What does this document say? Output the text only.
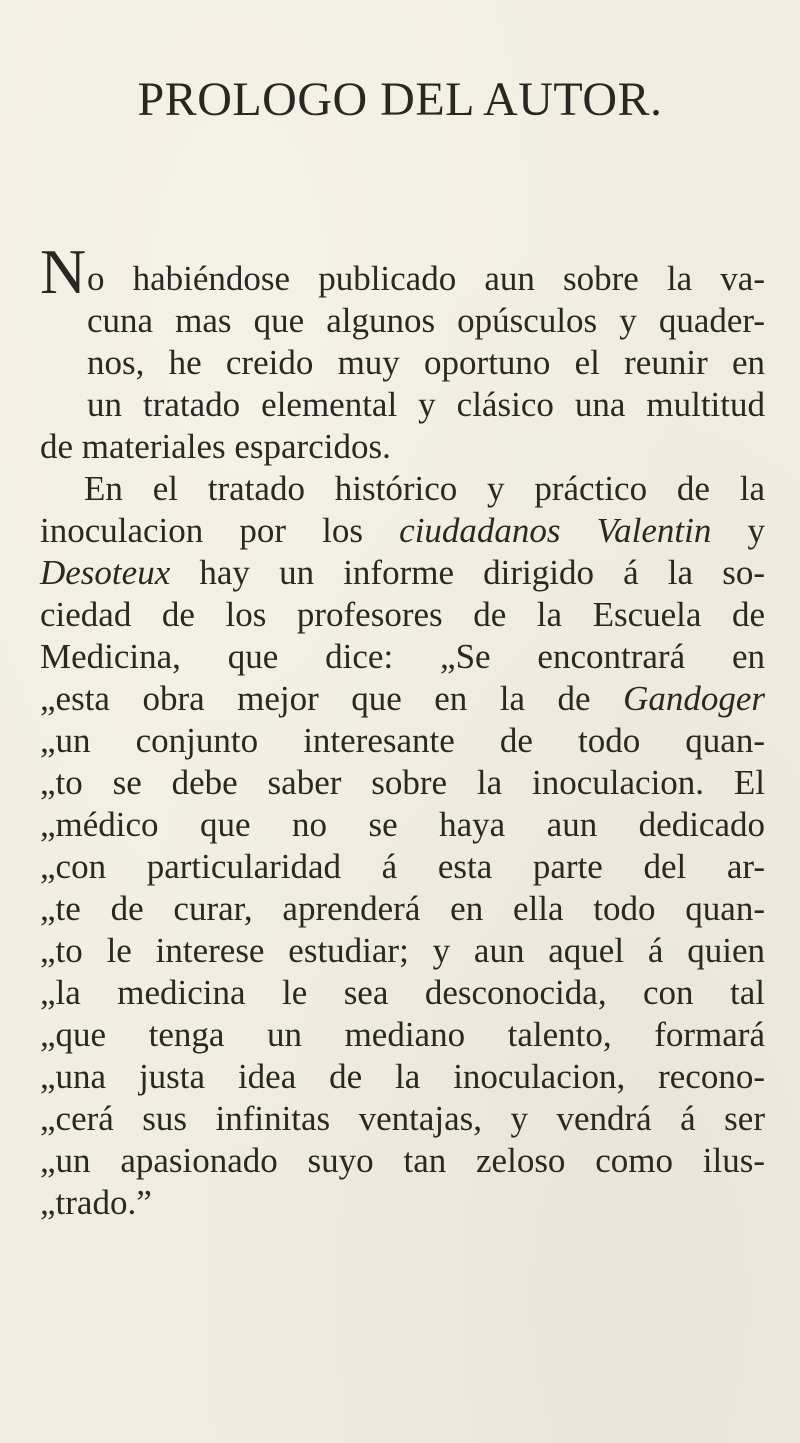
PROLOGO DEL AUTOR.
N o habiéndose publicado aun sobre la va-
cuna mas que algunos opúsculos y quader-
nos, he creido muy oportuno el reunir en
un tratado elemental y clásico una multitud
de materiales esparcidos.
En el tratado histórico y práctico de la
inoculacion por los ciudadanos Valentin y
Desoteux hay un informe dirigido á la so-
ciedad de los profesores de la Escuela de
Medicina, que dice: „Se encontrará en
„esta obra mejor que en la de Gandoger
„un conjunto interesante de todo quan-
„to se debe saber sobre la inoculacion. El
„médico que no se haya aun dedicado
„con particularidad á esta parte del ar-
„te de curar, aprenderá en ella todo quan-
„to le interese estudiar; y aun aquel á quien
„la medicina le sea desconocida, con tal
„que tenga un mediano talento, formará
„una justa idea de la inoculacion, recono-
„cerá sus infinitas ventajas, y vendrá á ser
„un apasionado suyo tan zeloso como ilus-
„trado.”
